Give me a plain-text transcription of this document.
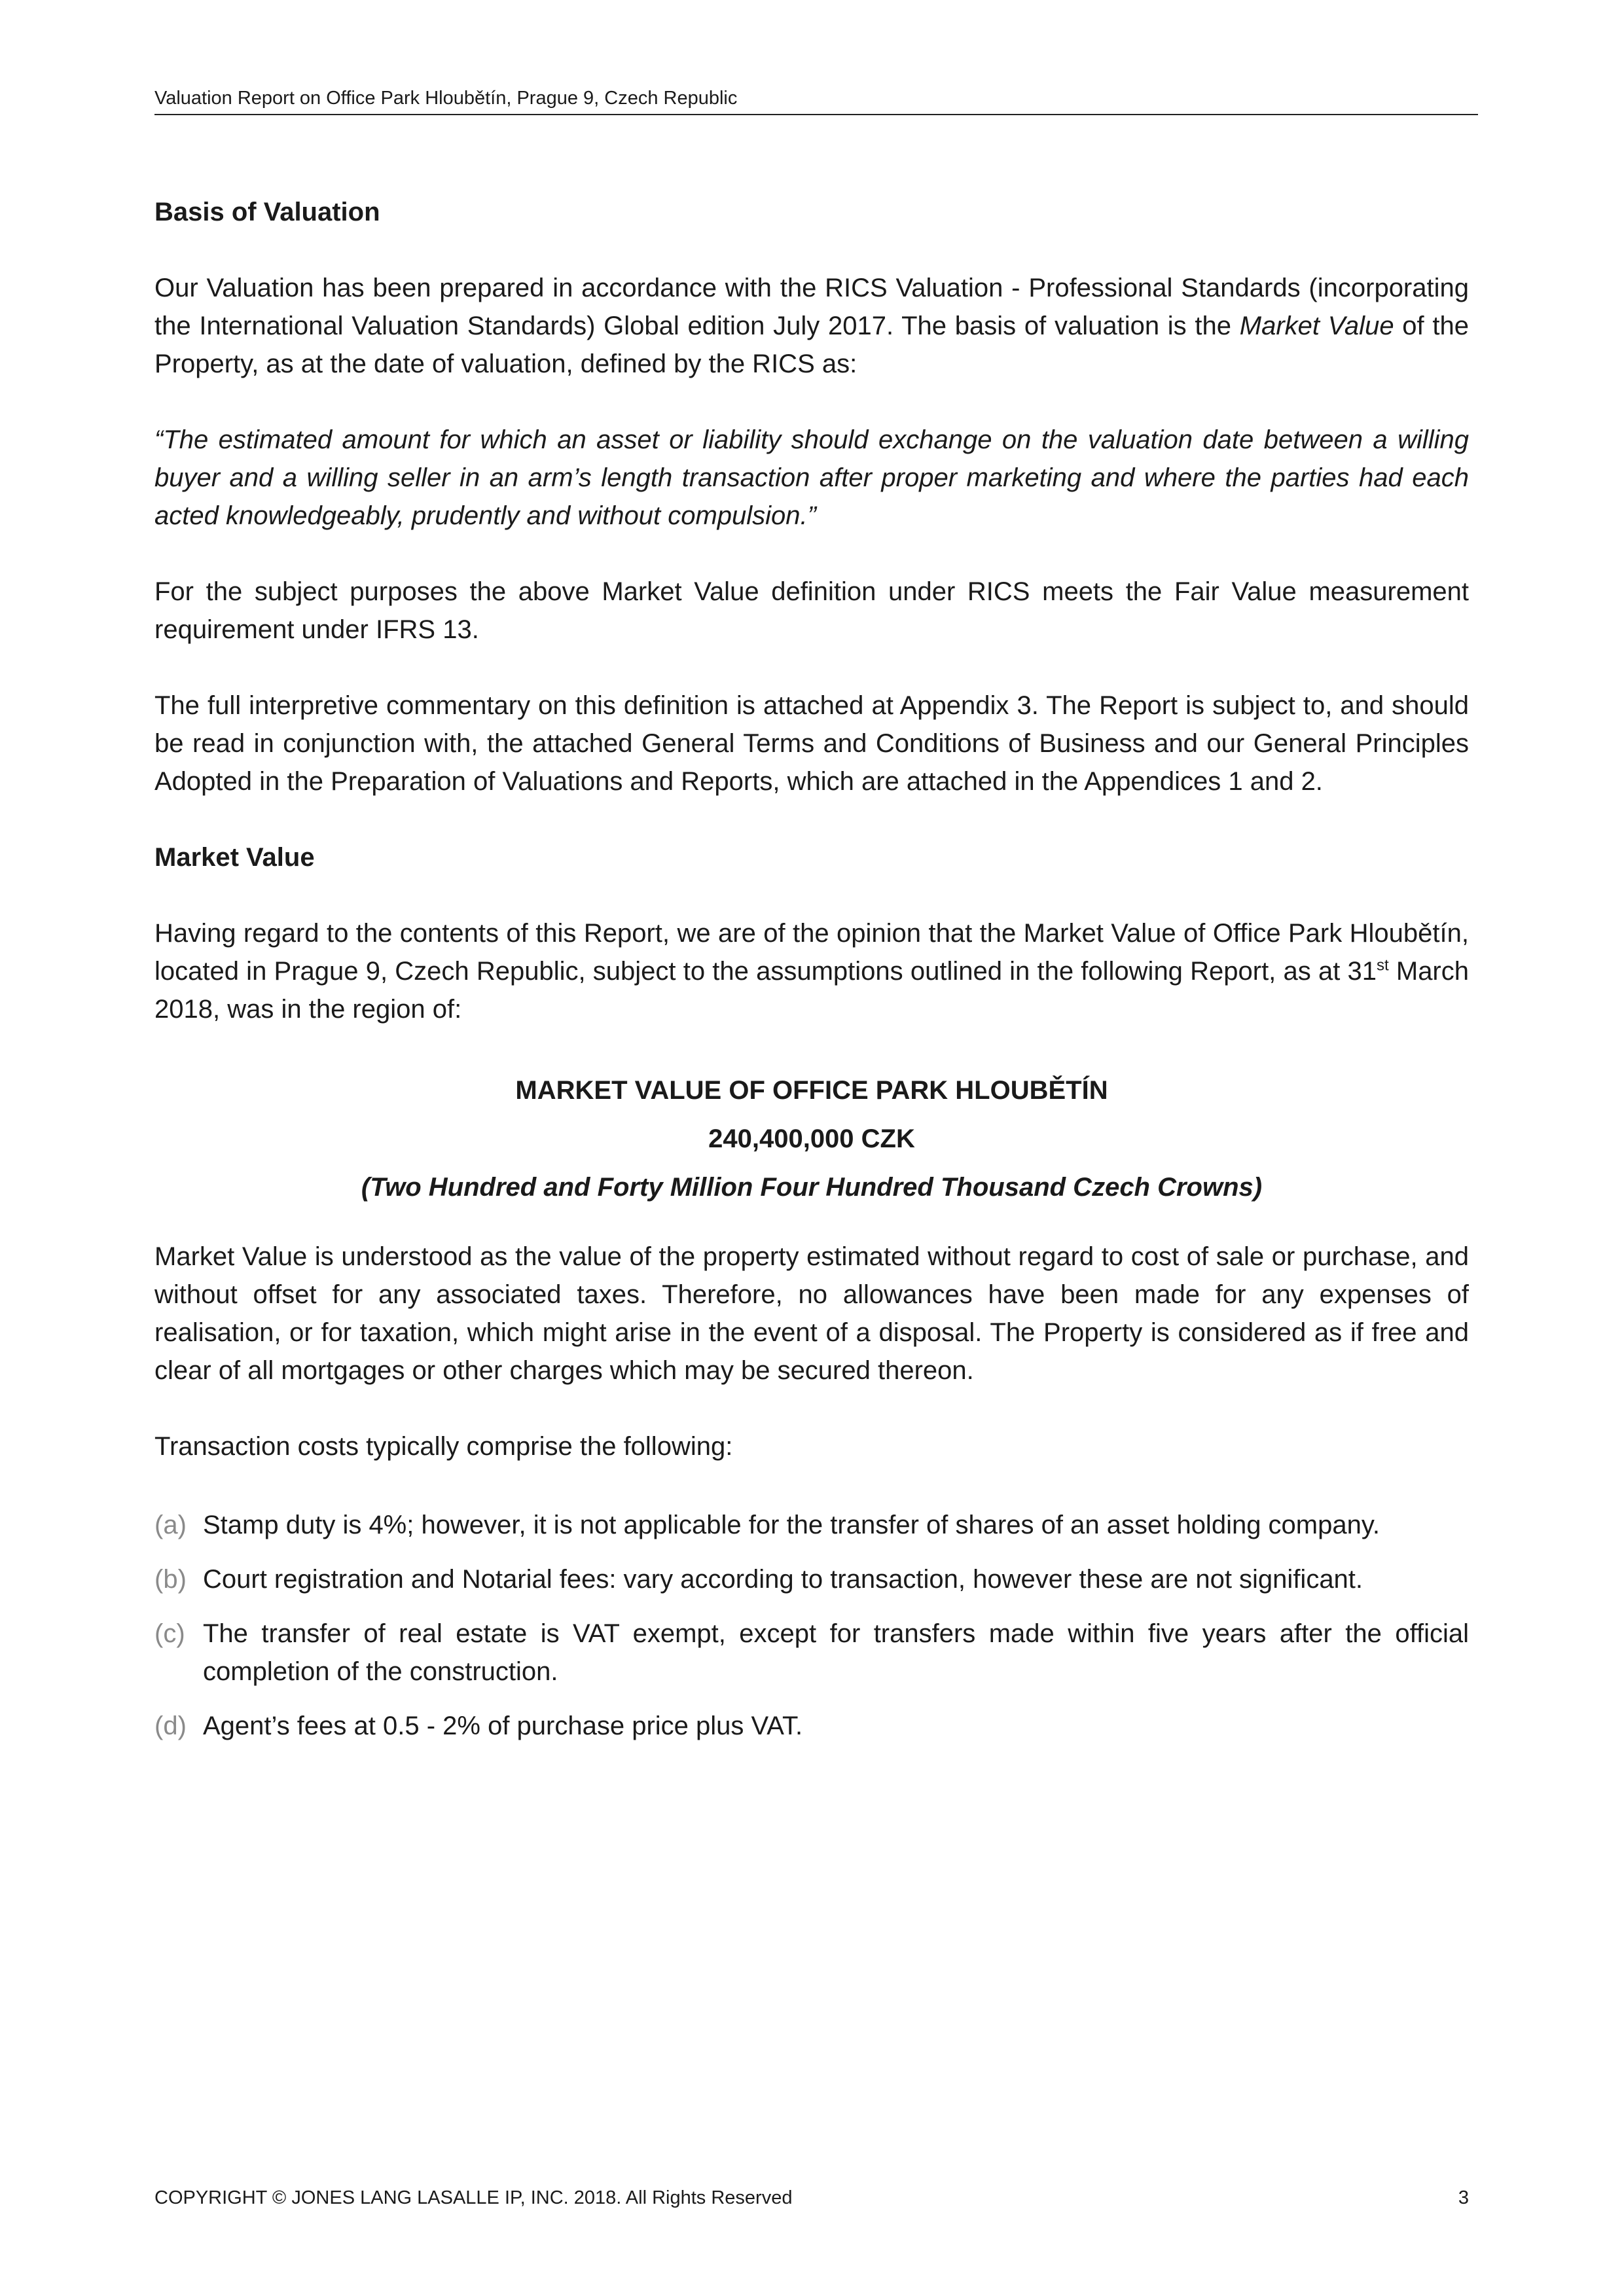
Valuation Report on Office Park Hloubětín, Prague 9, Czech Republic

Basis of Valuation

Our Valuation has been prepared in accordance with the RICS Valuation - Professional Standards (incorporating the International Valuation Standards) Global edition July 2017. The basis of valuation is the Market Value of the Property, as at the date of valuation, defined by the RICS as:

“The estimated amount for which an asset or liability should exchange on the valuation date between a willing buyer and a willing seller in an arm’s length transaction after proper marketing and where the parties had each acted knowledgeably, prudently and without compulsion.”

For the subject purposes the above Market Value definition under RICS meets the Fair Value measurement requirement under IFRS 13.

The full interpretive commentary on this definition is attached at Appendix 3. The Report is subject to, and should be read in conjunction with, the attached General Terms and Conditions of Business and our General Principles Adopted in the Preparation of Valuations and Reports, which are attached in the Appendices 1 and 2.

Market Value

Having regard to the contents of this Report, we are of the opinion that the Market Value of Office Park Hloubětín, located in Prague 9, Czech Republic, subject to the assumptions outlined in the following Report, as at 31st March 2018, was in the region of:

MARKET VALUE OF OFFICE PARK HLOUBĚTÍN
240,400,000 CZK
(Two Hundred and Forty Million Four Hundred Thousand Czech Crowns)

Market Value is understood as the value of the property estimated without regard to cost of sale or purchase, and without offset for any associated taxes. Therefore, no allowances have been made for any expenses of realisation, or for taxation, which might arise in the event of a disposal. The Property is considered as if free and clear of all mortgages or other charges which may be secured thereon.

Transaction costs typically comprise the following:

(a) Stamp duty is 4%; however, it is not applicable for the transfer of shares of an asset holding company.
(b) Court registration and Notarial fees: vary according to transaction, however these are not significant.
(c) The transfer of real estate is VAT exempt, except for transfers made within five years after the official completion of the construction.
(d) Agent’s fees at 0.5 - 2% of purchase price plus VAT.
COPYRIGHT © JONES LANG LASALLE IP, INC. 2018. All Rights Reserved	3
